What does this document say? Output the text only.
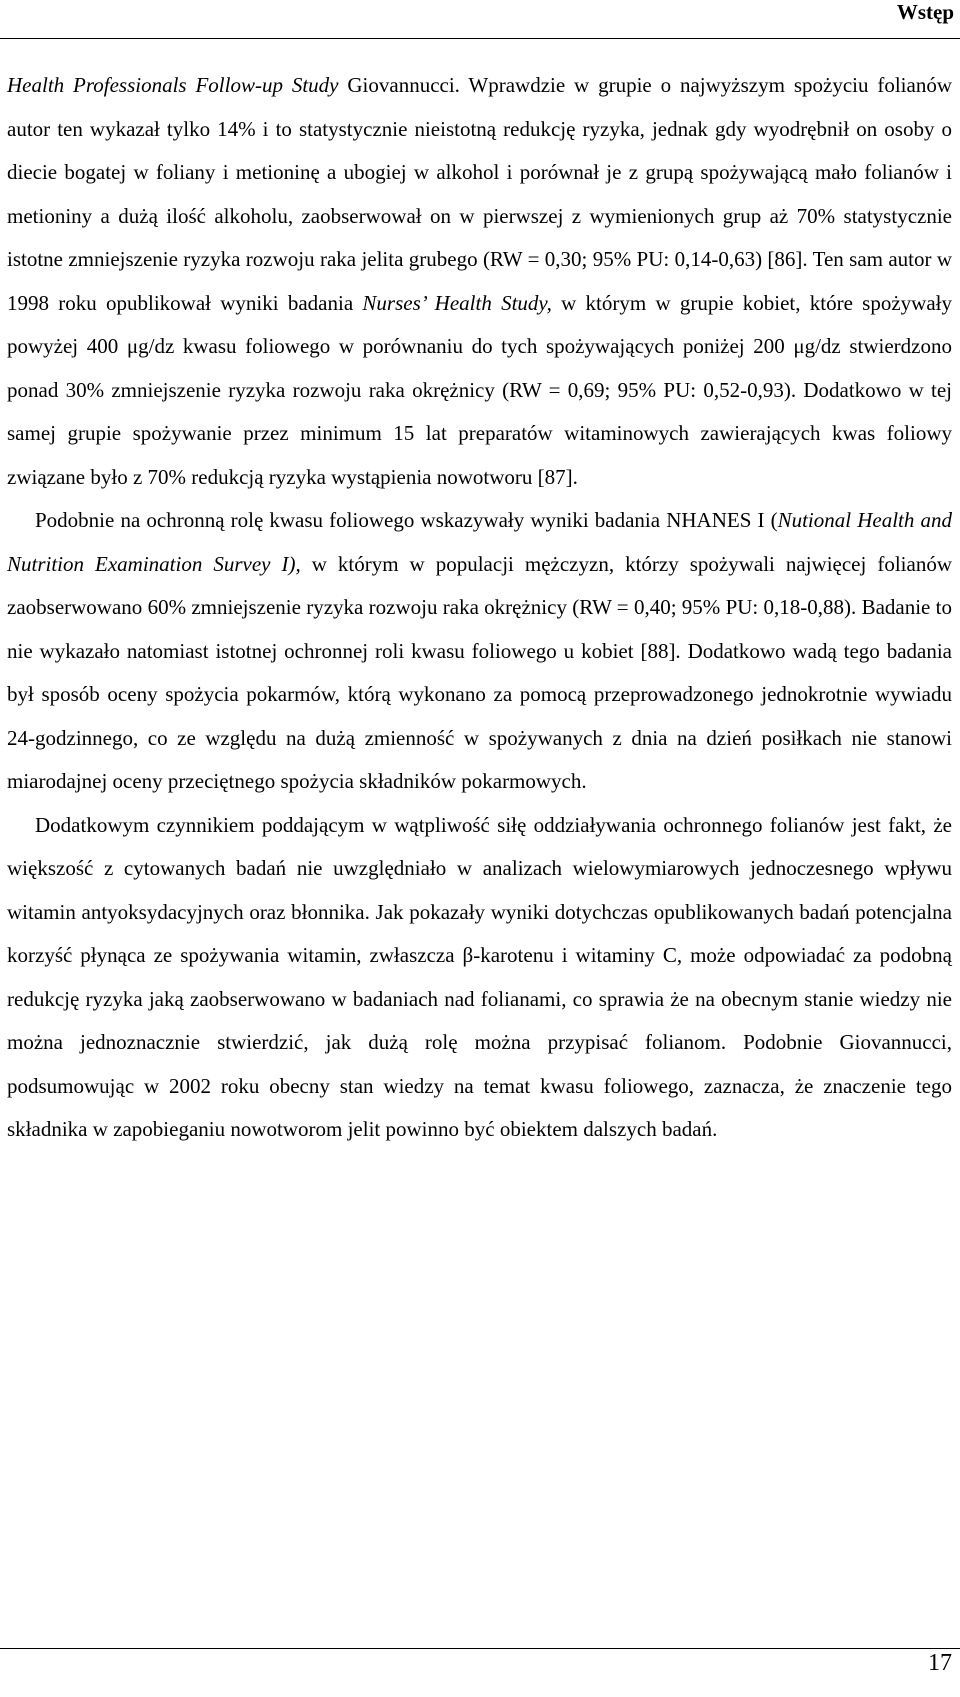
Wstęp

Health Professionals Follow-up Study Giovannucci. Wprawdzie w grupie o najwyższym spożyciu folianów autor ten wykazał tylko 14% i to statystycznie nieistotną redukcję ryzyka, jednak gdy wyodrębnił on osoby o diecie bogatej w foliany i metioninę a ubogiej w alkohol i porównał je z grupą spożywającą mało folianów i metioniny a dużą ilość alkoholu, zaobserwował on w pierwszej z wymienionych grup aż 70% statystycznie istotne zmniejszenie ryzyka rozwoju raka jelita grubego (RW = 0,30; 95% PU: 0,14-0,63) [86]. Ten sam autor w 1998 roku opublikował wyniki badania Nurses’ Health Study, w którym w grupie kobiet, które spożywały powyżej 400 μg/dz kwasu foliowego w porównaniu do tych spożywających poniżej 200 μg/dz stwierdzono ponad 30% zmniejszenie ryzyka rozwoju raka okrężnicy (RW = 0,69; 95% PU: 0,52-0,93). Dodatkowo w tej samej grupie spożywanie przez minimum 15 lat preparatów witaminowych zawierających kwas foliowy związane było z 70% redukcją ryzyka wystąpienia nowotworu [87].

Podobnie na ochronną rolę kwasu foliowego wskazywały wyniki badania NHANES I (Nutional Health and Nutrition Examination Survey I), w którym w populacji mężczyzn, którzy spożywali najwięcej folianów zaobserwowano 60% zmniejszenie ryzyka rozwoju raka okrężnicy (RW = 0,40; 95% PU: 0,18-0,88). Badanie to nie wykazało natomiast istotnej ochronnej roli kwasu foliowego u kobiet [88]. Dodatkowo wadą tego badania był sposób oceny spożycia pokarmów, którą wykonano za pomocą przeprowadzonego jednokrotnie wywiadu 24-godzinnego, co ze względu na dużą zmienność w spożywanych z dnia na dzień posiłkach nie stanowi miarodajnej oceny przeciętnego spożycia składników pokarmowych.

Dodatkowym czynnikiem poddającym w wątpliwość siłę oddziaływania ochronnego folianów jest fakt, że większość z cytowanych badań nie uwzględniało w analizach wielowymiarowych jednoczesnego wpływu witamin antyoksydacyjnych oraz błonnika. Jak pokazały wyniki dotychczas opublikowanych badań potencjalna korzyść płynąca ze spożywania witamin, zwłaszcza β-karotenu i witaminy C, może odpowiadać za podobną redukcję ryzyka jaką zaobserwowano w badaniach nad folianami, co sprawia że na obecnym stanie wiedzy nie można jednoznacznie stwierdzić, jak dużą rolę można przypisać folianom. Podobnie Giovannucci, podsumowując w 2002 roku obecny stan wiedzy na temat kwasu foliowego, zaznacza, że znaczenie tego składnika w zapobieganiu nowotworom jelit powinno być obiektem dalszych badań.

17
